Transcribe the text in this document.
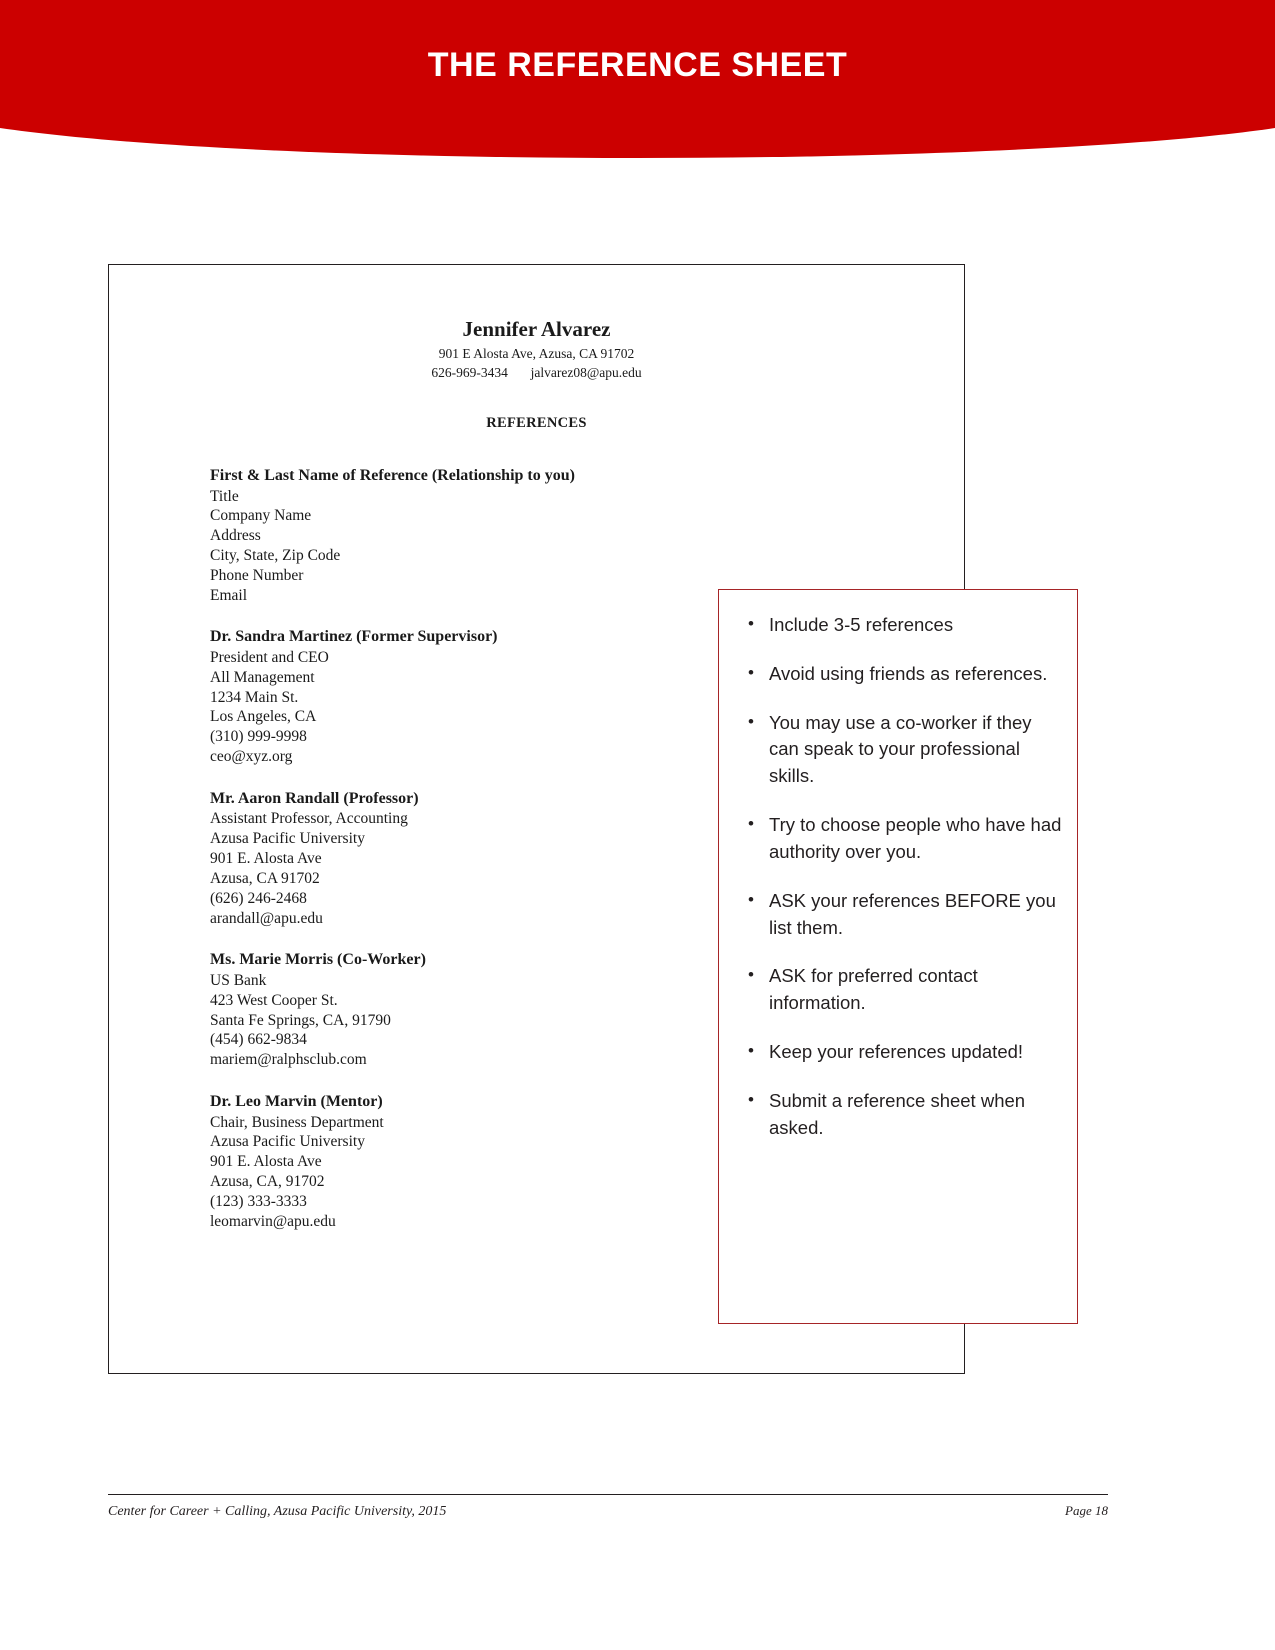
THE REFERENCE SHEET
Jennifer Alvarez
901 E Alosta Ave, Azusa, CA 91702
626-969-3434 jalvarez08@apu.edu
REFERENCES
First & Last Name of Reference (Relationship to you)
Title
Company Name
Address
City, State, Zip Code
Phone Number
Email
Dr. Sandra Martinez (Former Supervisor)
President and CEO
All Management
1234 Main St.
Los Angeles, CA
(310) 999-9998
ceo@xyz.org
Mr. Aaron Randall (Professor)
Assistant Professor, Accounting
Azusa Pacific University
901 E. Alosta Ave
Azusa, CA 91702
(626) 246-2468
arandall@apu.edu
Ms. Marie Morris (Co-Worker)
US Bank
423 West Cooper St.
Santa Fe Springs, CA, 91790
(454) 662-9834
mariem@ralphsclub.com
Dr. Leo Marvin (Mentor)
Chair, Business Department
Azusa Pacific University
901 E. Alosta Ave
Azusa, CA, 91702
(123) 333-3333
leomarvin@apu.edu
• Include 3-5 references
• Avoid using friends as references.
• You may use a co-worker if they can speak to your professional skills.
• Try to choose people who have had authority over you.
• ASK your references BEFORE you list them.
• ASK for preferred contact information.
• Keep your references updated!
• Submit a reference sheet when asked.
Center for Career + Calling, Azusa Pacific University, 2015	Page 18
